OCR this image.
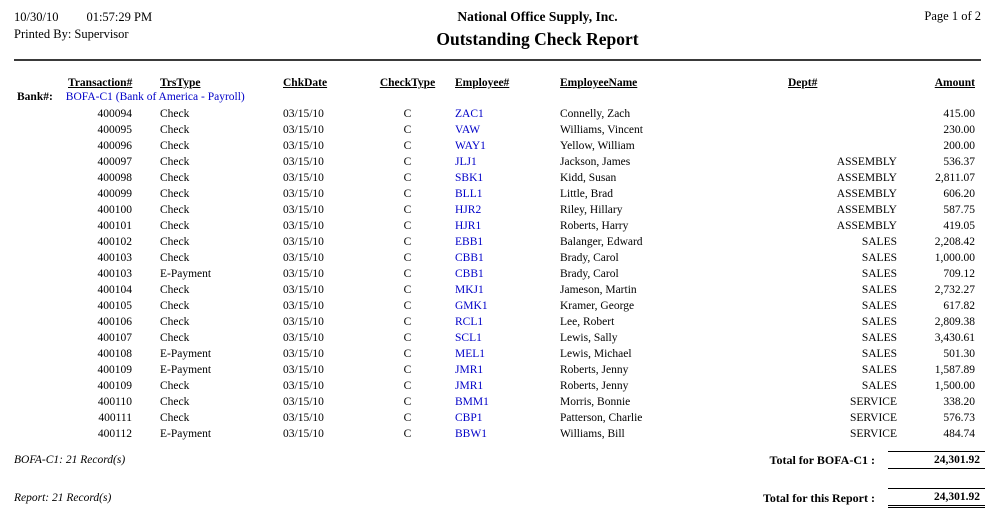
10/30/10 01:57:29 PM
Printed By: Supervisor
National Office Supply, Inc.
Outstanding Check Report
Page 1 of 2
Transaction#	TrsType	ChkDate	CheckType	Employee#	EmployeeName	Dept#	Amount
Bank#: BOFA-C1 (Bank of America - Payroll)							
400094	Check	03/15/10	C	ZAC1	Connelly, Zach		415.00
400095	Check	03/15/10	C	VAW	Williams, Vincent		230.00
400096	Check	03/15/10	C	WAY1	Yellow, William		200.00
400097	Check	03/15/10	C	JLJ1	Jackson, James	ASSEMBLY	536.37
400098	Check	03/15/10	C	SBK1	Kidd, Susan	ASSEMBLY	2,811.07
400099	Check	03/15/10	C	BLL1	Little, Brad	ASSEMBLY	606.20
400100	Check	03/15/10	C	HJR2	Riley, Hillary	ASSEMBLY	587.75
400101	Check	03/15/10	C	HJR1	Roberts, Harry	ASSEMBLY	419.05
400102	Check	03/15/10	C	EBB1	Balanger, Edward	SALES	2,208.42
400103	Check	03/15/10	C	CBB1	Brady, Carol	SALES	1,000.00
400103	E-Payment	03/15/10	C	CBB1	Brady, Carol	SALES	709.12
400104	Check	03/15/10	C	MKJ1	Jameson, Martin	SALES	2,732.27
400105	Check	03/15/10	C	GMK1	Kramer, George	SALES	617.82
400106	Check	03/15/10	C	RCL1	Lee, Robert	SALES	2,809.38
400107	Check	03/15/10	C	SCL1	Lewis, Sally	SALES	3,430.61
400108	E-Payment	03/15/10	C	MEL1	Lewis, Michael	SALES	501.30
400109	E-Payment	03/15/10	C	JMR1	Roberts, Jenny	SALES	1,587.89
400109	Check	03/15/10	C	JMR1	Roberts, Jenny	SALES	1,500.00
400110	Check	03/15/10	C	BMM1	Morris, Bonnie	SERVICE	338.20
400111	Check	03/15/10	C	CBP1	Patterson, Charlie	SERVICE	576.73
400112	E-Payment	03/15/10	C	BBW1	Williams, Bill	SERVICE	484.74
BOFA-C1: 21 Record(s)	Total for BOFA-C1 :	24,301.92
Report: 21 Record(s)	Total for this Report :	24,301.92
